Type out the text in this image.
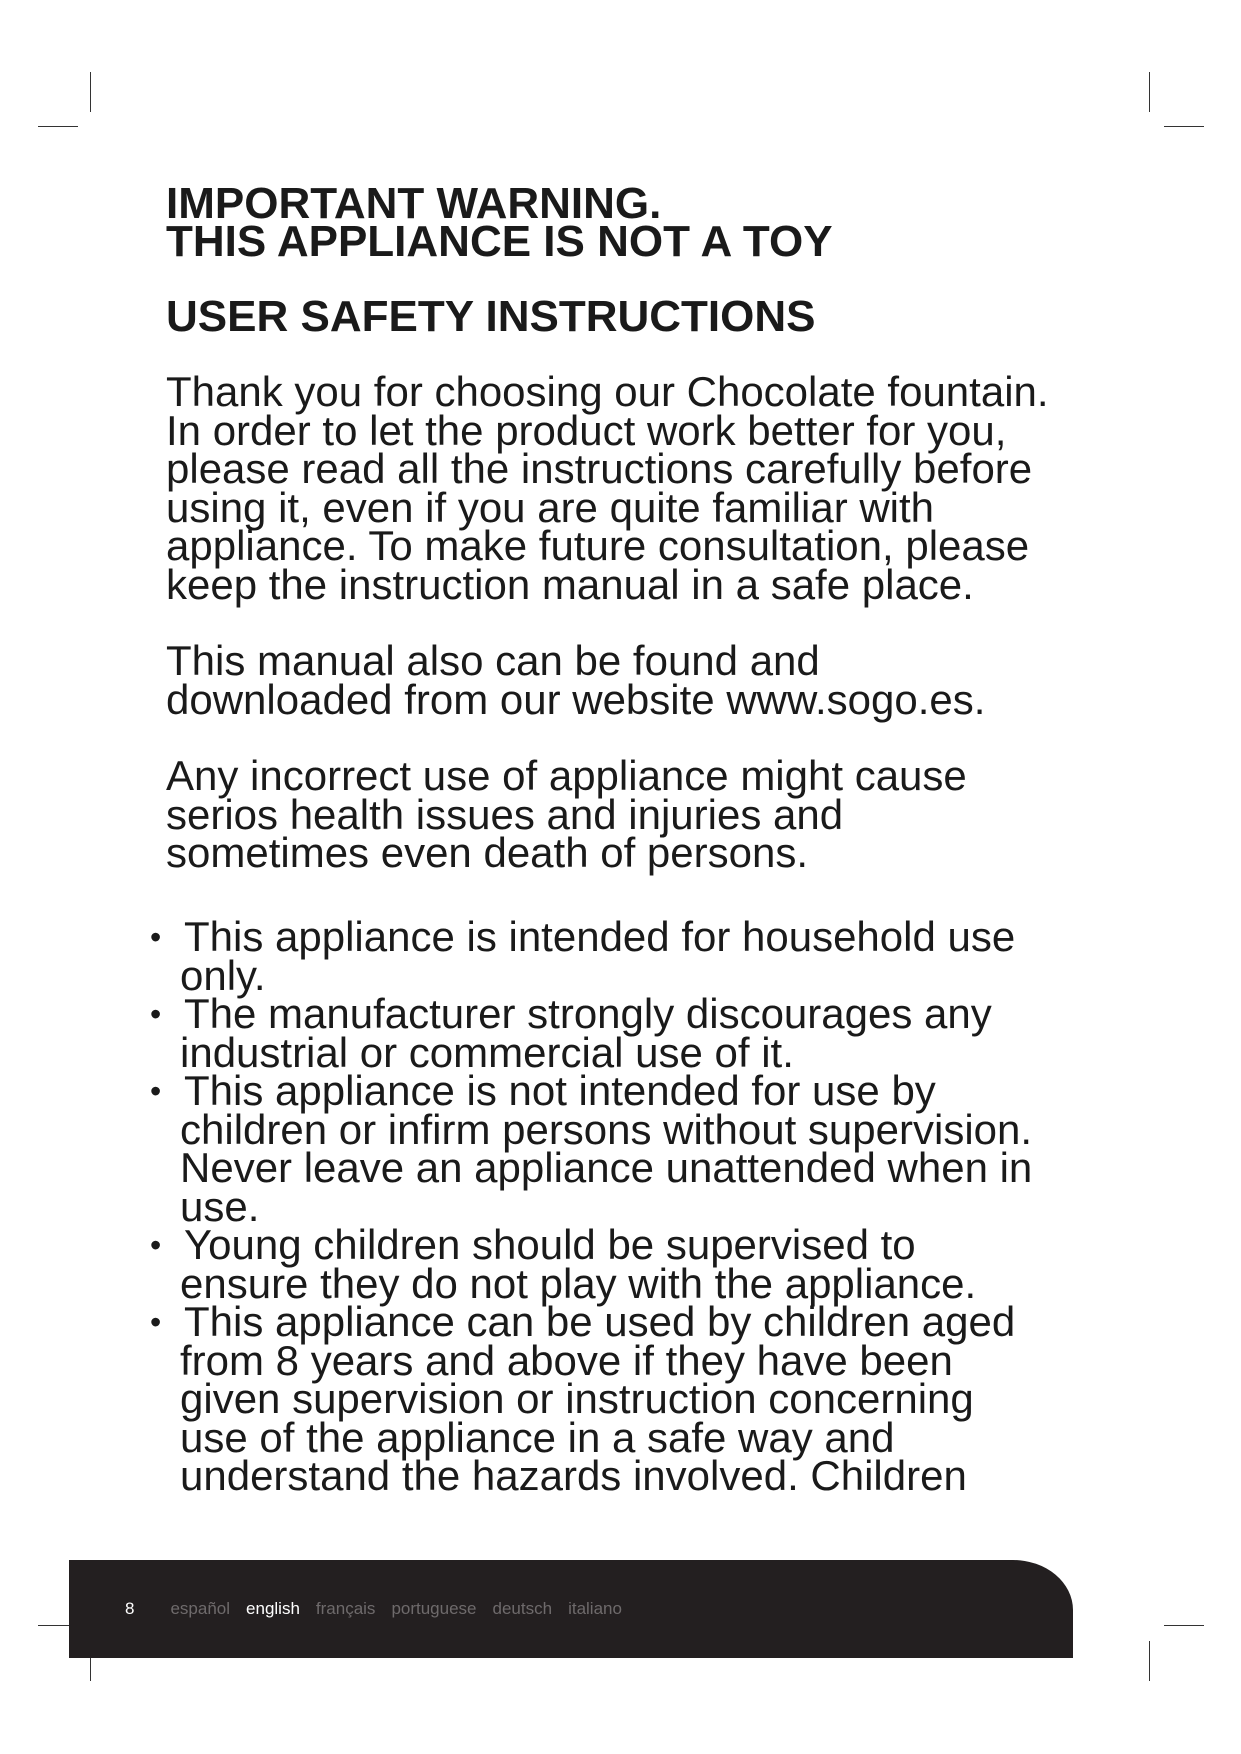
IMPORTANT WARNING.
THIS APPLIANCE IS NOT A TOY
USER SAFETY INSTRUCTIONS
Thank you for choosing our Chocolate fountain.
In order to let the product work better for you,
please read all the instructions carefully before
using it, even if you are quite familiar with
appliance. To make future consultation, please
keep the instruction manual in a safe place.
This manual also can be found and
downloaded from our website www.sogo.es.
Any incorrect use of appliance might cause
serios health issues and injuries and
sometimes even death of persons.
• This appliance is intended for household use
only.
• The manufacturer strongly discourages any
industrial or commercial use of it.
• This appliance is not intended for use by
children or infirm persons without supervision.
Never leave an appliance unattended when in
use.
• Young children should be supervised to
ensure they do not play with the appliance.
• This appliance can be used by children aged
from 8 years and above if they have been
given supervision or instruction concerning
use of the appliance in a safe way and
understand the hazards involved. Children
8 español english français portuguese deutsch italiano
